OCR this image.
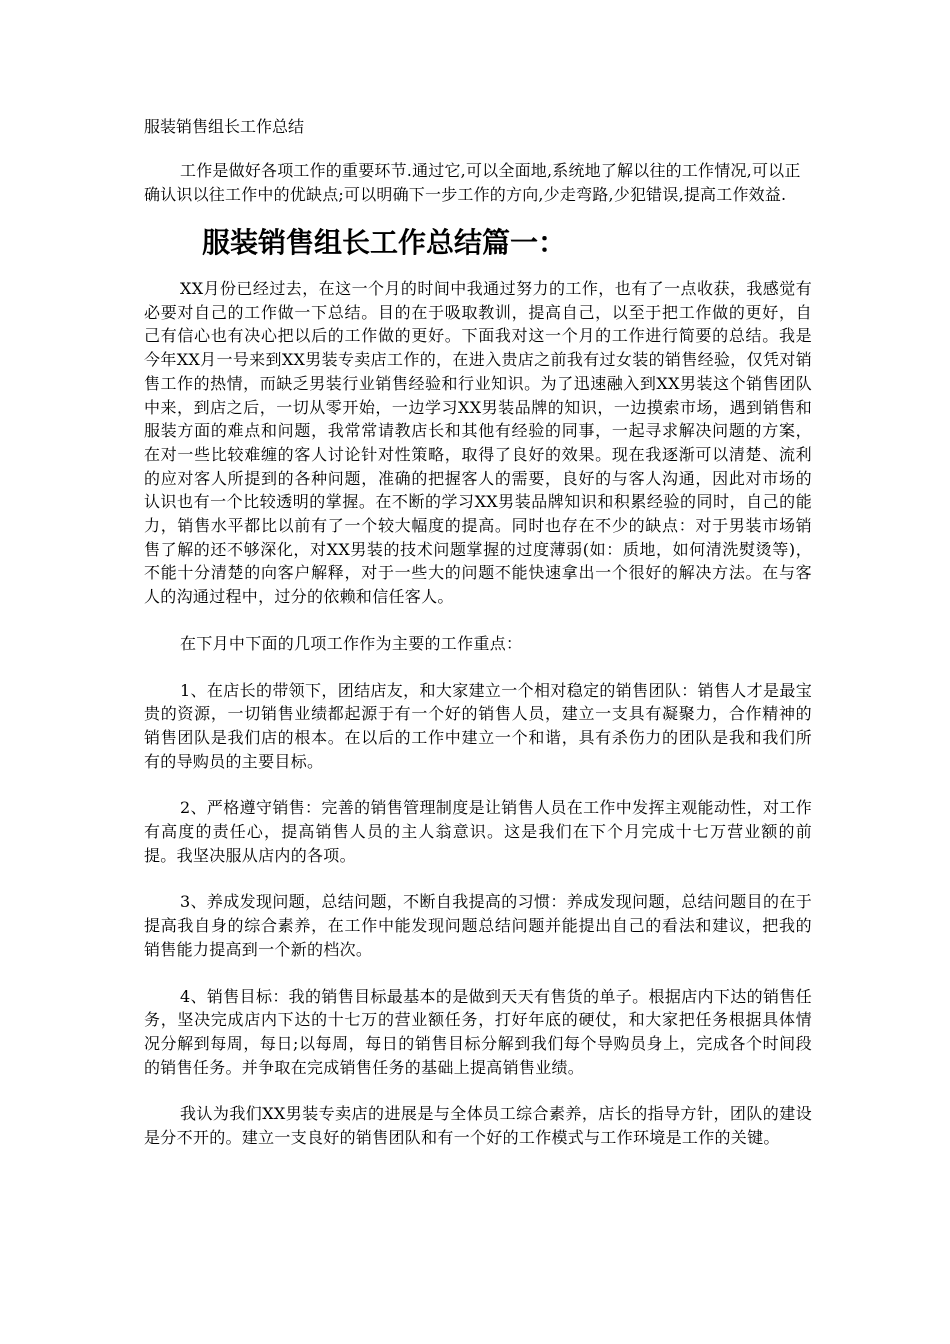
服装销售组长工作总结

工作是做好各项工作的重要环节.通过它,可以全面地,系统地了解以往的工作情况,可以正确认识以往工作中的优缺点;可以明确下一步工作的方向,少走弯路,少犯错误,提高工作效益.

服装销售组长工作总结篇一：

XX月份已经过去，在这一个月的时间中我通过努力的工作，也有了一点收获，我感觉有必要对自己的工作做一下总结。目的在于吸取教训，提高自己，以至于把工作做的更好，自己有信心也有决心把以后的工作做的更好。下面我对这一个月的工作进行简要的总结。我是今年XX月一号来到XX男装专卖店工作的，在进入贵店之前我有过女装的销售经验，仅凭对销售工作的热情，而缺乏男装行业销售经验和行业知识。为了迅速融入到XX男装这个销售团队中来，到店之后，一切从零开始，一边学习XX男装品牌的知识，一边摸索市场，遇到销售和服装方面的难点和问题，我常常请教店长和其他有经验的同事，一起寻求解决问题的方案，在对一些比较难缠的客人讨论针对性策略，取得了良好的效果。现在我逐渐可以清楚、流利的应对客人所提到的各种问题，准确的把握客人的需要，良好的与客人沟通，因此对市场的认识也有一个比较透明的掌握。在不断的学习XX男装品牌知识和积累经验的同时，自己的能力，销售水平都比以前有了一个较大幅度的提高。同时也存在不少的缺点：对于男装市场销售了解的还不够深化，对XX男装的技术问题掌握的过度薄弱(如：质地，如何清洗熨烫等)，不能十分清楚的向客户解释，对于一些大的问题不能快速拿出一个很好的解决方法。在与客人的沟通过程中，过分的依赖和信任客人。

在下月中下面的几项工作作为主要的工作重点：

1、在店长的带领下，团结店友，和大家建立一个相对稳定的销售团队：销售人才是最宝贵的资源，一切销售业绩都起源于有一个好的销售人员，建立一支具有凝聚力，合作精神的销售团队是我们店的根本。在以后的工作中建立一个和谐，具有杀伤力的团队是我和我们所有的导购员的主要目标。

2、严格遵守销售：完善的销售管理制度是让销售人员在工作中发挥主观能动性，对工作有高度的责任心，提高销售人员的主人翁意识。这是我们在下个月完成十七万营业额的前提。我坚决服从店内的各项。

3、养成发现问题，总结问题，不断自我提高的习惯：养成发现问题，总结问题目的在于提高我自身的综合素养，在工作中能发现问题总结问题并能提出自己的看法和建议，把我的销售能力提高到一个新的档次。

4、销售目标：我的销售目标最基本的是做到天天有售货的单子。根据店内下达的销售任务，坚决完成店内下达的十七万的营业额任务，打好年底的硬仗，和大家把任务根据具体情况分解到每周，每日;以每周，每日的销售目标分解到我们每个导购员身上，完成各个时间段的销售任务。并争取在完成销售任务的基础上提高销售业绩。

我认为我们XX男装专卖店的进展是与全体员工综合素养，店长的指导方针，团队的建设是分不开的。建立一支良好的销售团队和有一个好的工作模式与工作环境是工作的关键。
